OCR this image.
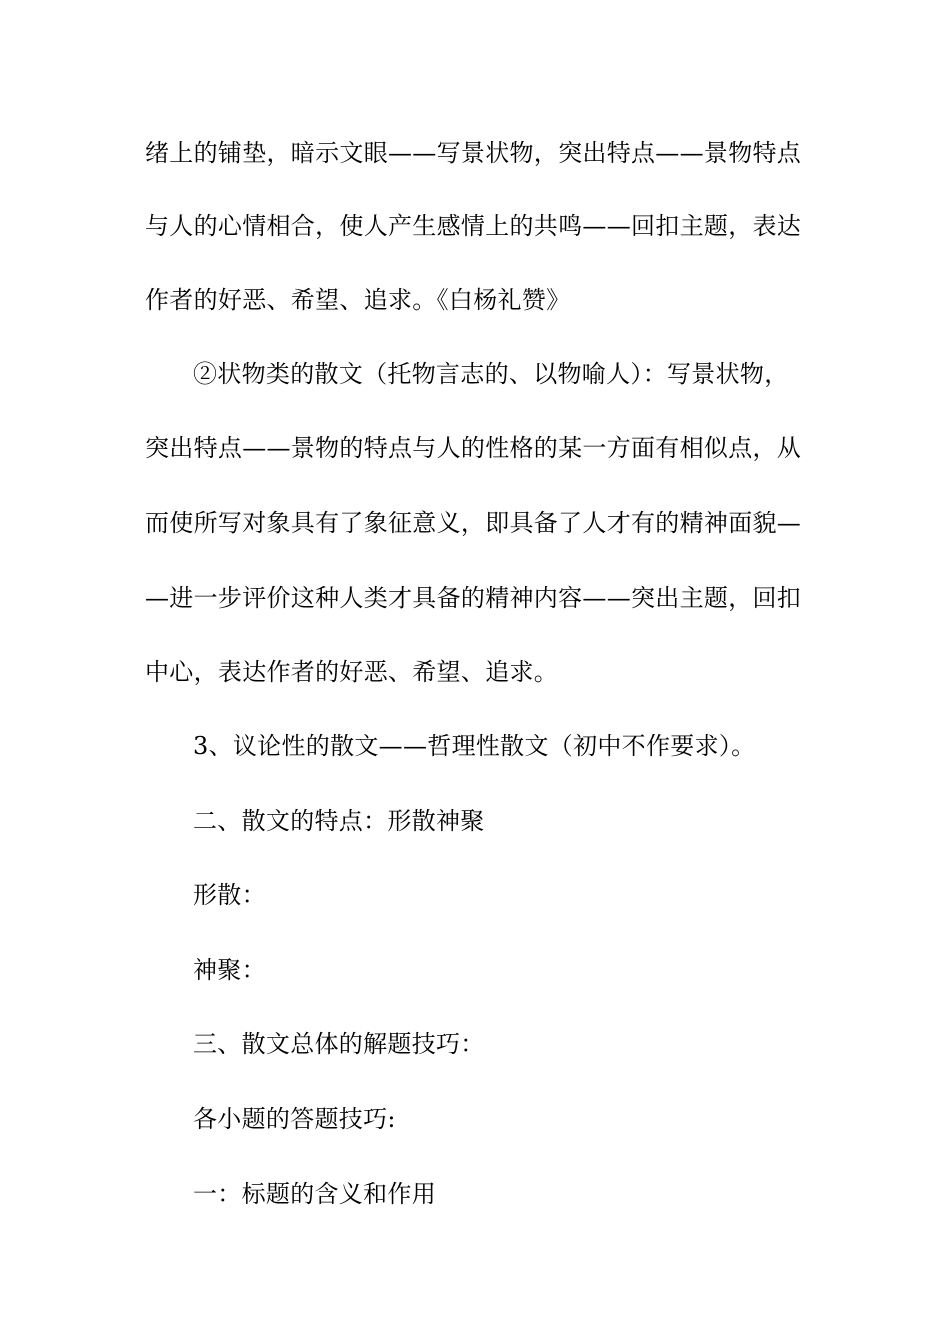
绪上的铺垫，暗示文眼——写景状物，突出特点——景物特点
与人的心情相合，使人产生感情上的共鸣——回扣主题，表达
作者的好恶、希望、追求。《白杨礼赞》
②状物类的散文（托物言志的、以物喻人）：写景状物，
突出特点——景物的特点与人的性格的某一方面有相似点，从
而使所写对象具有了象征意义，即具备了人才有的精神面貌—
—进一步评价这种人类才具备的精神内容——突出主题，回扣
中心，表达作者的好恶、希望、追求。
3、议论性的散文——哲理性散文（初中不作要求）。
二、散文的特点：形散神聚
形散：
神聚：
三、散文总体的解题技巧：
各小题的答题技巧:
一：标题的含义和作用
